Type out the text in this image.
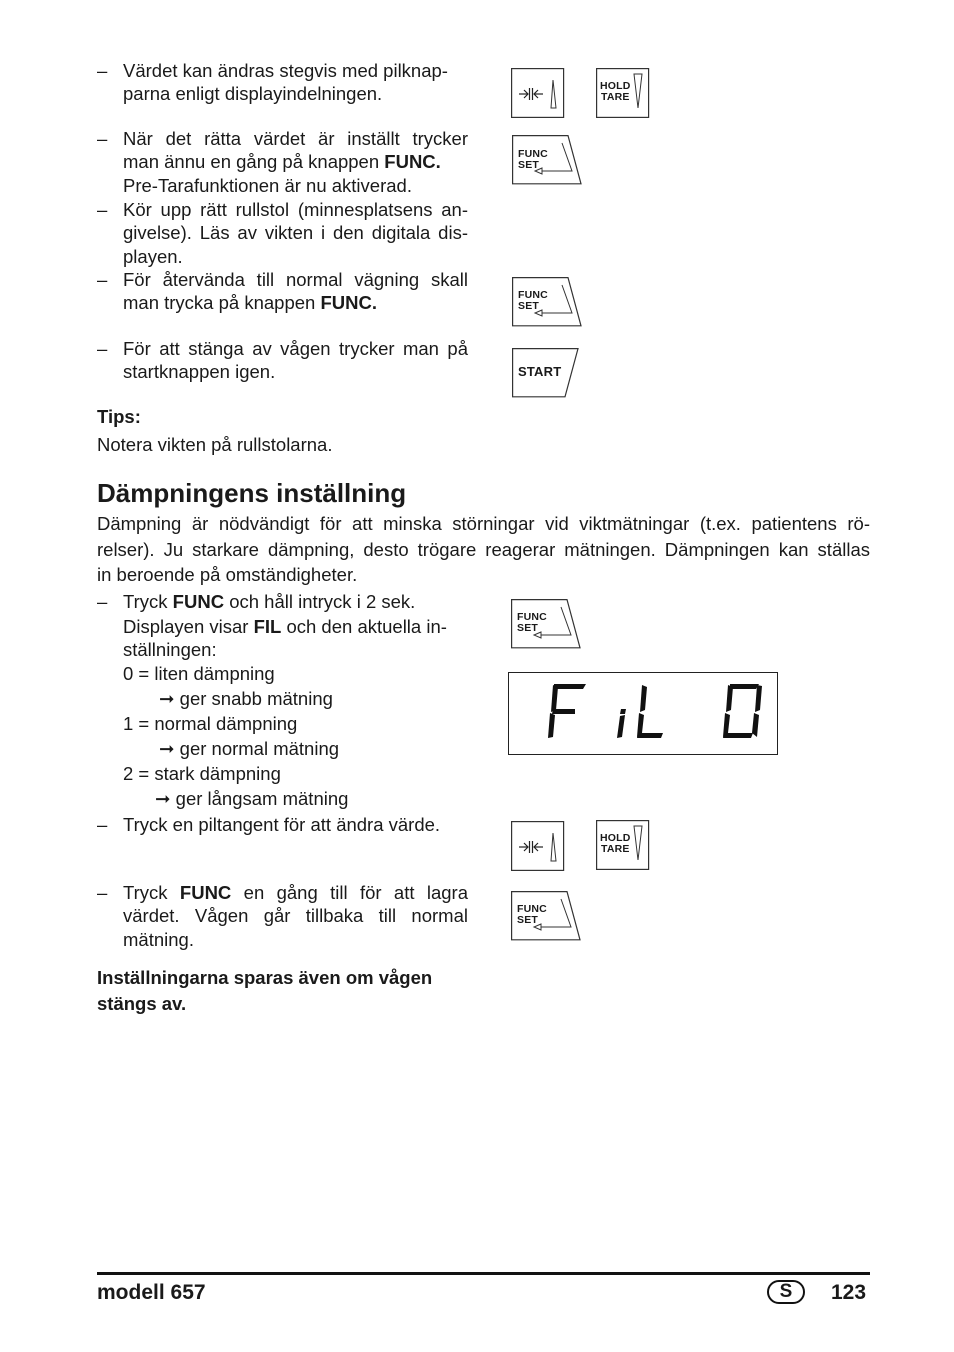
– Värdet kan ändras stegvis med pilknap-
parna enligt displayindelningen.
– När det rätta värdet är inställt trycker
man ännu en gång på knappen FUNC.
Pre-Tarafunktionen är nu aktiverad.
– Kör upp rätt rullstol (minnesplatsens an-
givelse). Läs av vikten i den digitala dis-
playen.
– För återvända till normal vägning skall
man trycka på knappen FUNC.
– För att stänga av vågen trycker man på
startknappen igen.
Tips:
Notera vikten på rullstolarna.
HOLD
TARE
FUNC
SET
FUNC
SET
START
Dämpningens inställning
Dämpning är nödvändigt för att minska störningar vid viktmätningar (t.ex. patientens rö-
relser). Ju starkare dämpning, desto trögare reagerar mätningen. Dämpningen kan ställas
in beroende på omständigheter.
– Tryck FUNC och håll intryck i 2 sek.
Displayen visar FIL och den aktuella in-
ställningen:
0 = liten dämpning
➞ ger snabb mätning
1 = normal dämpning
➞ ger normal mätning
2 = stark dämpning
➞ ger långsam mätning
– Tryck en piltangent för att ändra värde.
– Tryck FUNC en gång till för att lagra
värdet. Vågen går tillbaka till normal
mätning.
Inställningarna sparas även om vågen
stängs av.
FUNC
SET
HOLD
TARE
FUNC
SET
modell 657	S	123
